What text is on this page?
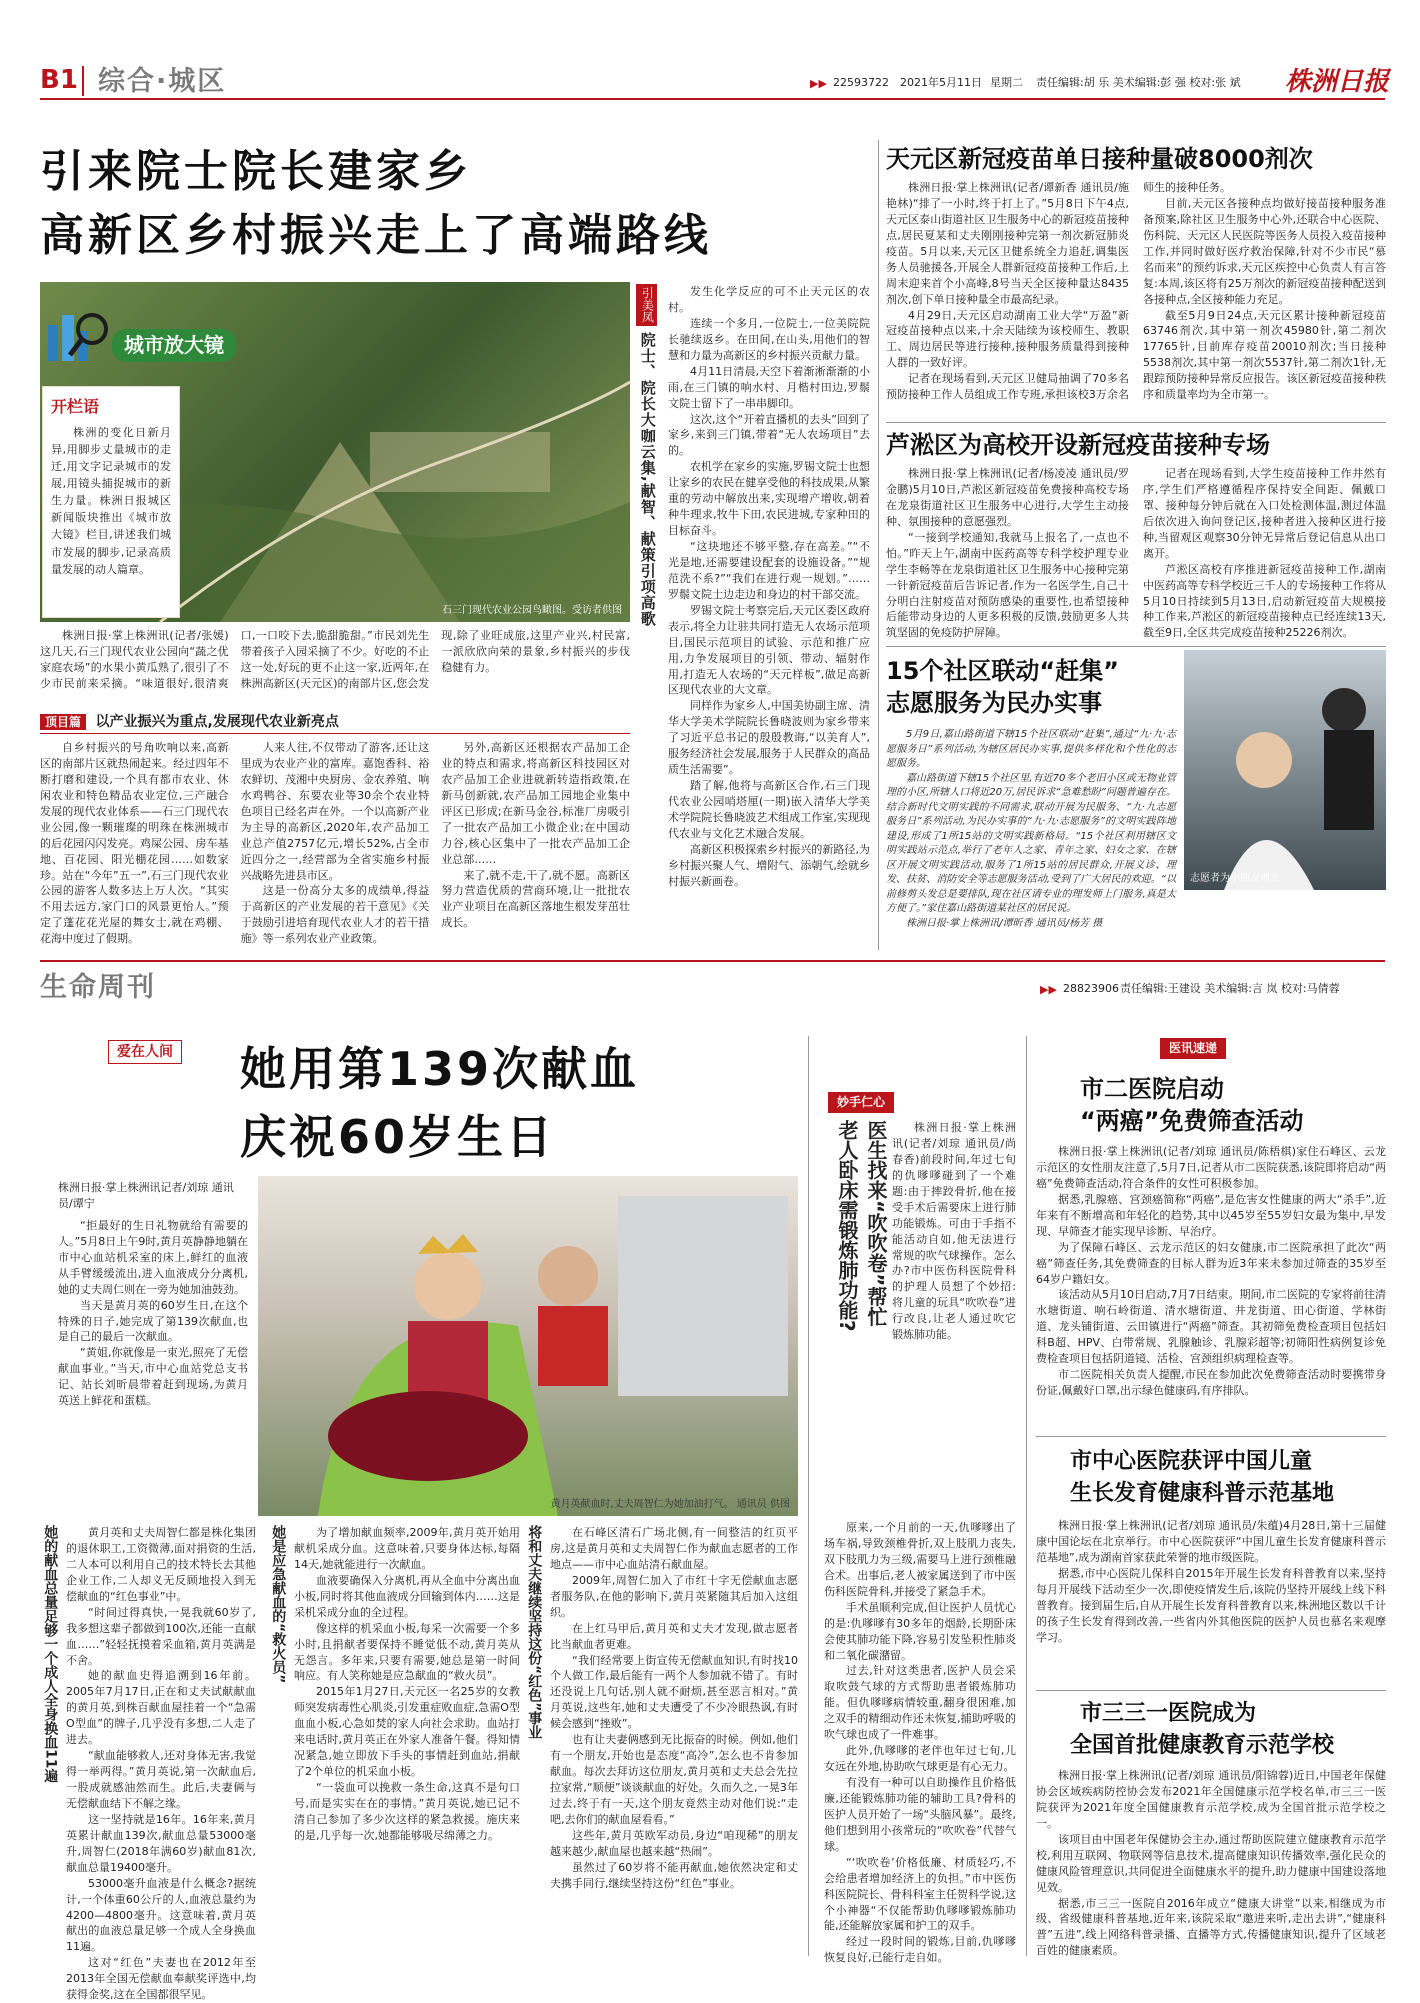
B1 综合·城区	▶▶ 22593722 2021年5月11日 星期二 责任编辑:胡 乐 美术编辑:彭 强 校对:张 斌 株洲日报
引来院士院长建家乡
高新区乡村振兴走上了高端路线
石三门现代农业公园鸟瞰图。受访者供图
城市放大镜
开栏语

株洲的变化日新月异,用脚步丈量城市的走迁,用文字记录城市的发展,用镜头捕捉城市的新生力量。株洲日报城区新闻版块推出《城市放大镜》栏目,讲述我们城市发展的脚步,记录高质量发展的动人篇章。

引美凤
院士、院长大咖云集,献智、献策引项高歌

发生化学反应的可不止天元区的农村。

连续一个多月,一位院士,一位美院院长驰续返乡。在田间,在山头,用他们的智慧和力量为高新区的乡村振兴贡献力量。

4月11日清晨,天空下着渐淅渐渐的小雨,在三门镇的响水村、月楷村田边,罗鬃文院士留下了一串串脚印。

这次,这个“开着直播机的去头”回到了家乡,来到三门镇,带着“无人农场项目”去的。

农机学在家乡的实施,罗锡文院士也想让家乡的农民在健享受他的科技成果,从繁重的劳动中解放出来,实现增产增收,朝着种牛理求,牧牛下田,农民进城,专家种田的目标奋斗。

“这块地还不够平整,存在高差。”“不光是地,还需要建设配套的设施设备。”“规范洗不系?”“我们在进行观一规划。”……罗鬃文院士边走边和身边的村干部交流。

罗锡文院士考察完后,天元区委区政府表示,将全力让驻共同打造无人农场示范项目,国民示范项目的试验、示范和推广应用,力争发展项目的引领、带动、辐射作用,打造无人农场的“天元样板”,做足高新区现代农业的大文章。

同样作为家乡人,中国美协副主席、清华大学美术学院院长鲁晓波则为家乡带来了习近平总书记的殷殷教诲,“以美育人”,服务经济社会发展,服务于人民群众的高品质生活需要”。

踏了解,他将与高新区合作,石三门现代农业公园哨塔厘(一期)嵌入清华大学美术学院院长鲁晓波艺术组成工作室,实现现代农业与文化艺术融合发展。

高新区积极探索乡村振兴的新路径,为乡村振兴聚人气、增附气、添朝气,绘就乡村振兴新画卷。

株洲日报·掌上株洲讯(记者/张媛)这几天,石三门现代农业公园向“蔬之优家庭农场”的水果小黄瓜熟了,很引了不少市民前来采摘。“味道很好,很清爽口,一口咬下去,脆甜脆甜。”市民刘先生带着孩子入园采摘了不少。好吃的不止这一处,好玩的更不止这一家,近两年,在株洲高新区(天元区)的南部片区,您会发现,除了业旺成旅,这里产业兴,村民富,一派欣欣向荣的景象,乡村振兴的步伐稳健有力。

顶目篇 以产业振兴为重点,发展现代农业新亮点

自乡村振兴的号角吹响以来,高新区的南部片区就热闹起来。经过四年不断打磨和建设,一个具有都市农业、休闲农业和特色精品农业定位,三产融合发展的现代农业体系——石三门现代农业公园,像一颗璀璨的明珠在株洲城市的后花园闪闪发亮。鸡屎公园、房车基地、百花园、阳光棚花园……如数家珍。站在“今年”五一”,石三门现代农业公园的游客人数多达上万人次。“其实不用去远方,家门口的风景更怡人。”预定了蓬花花光屋的舞女士,就在鸡棚、花海中度过了假期。

人来人往,不仅带动了游客,还让这里成为农业产业的富库。嘉饱香科、裕农鲜切、茂湘中央厨房、金农养殖、响水鸡鸭谷、东要农业等30余个农业特色项目已经名声在外。一个以高新产业为主导的高新区,2020年,农产品加工业总产值2757亿元,增长52%,占全市近四分之一,经营部为全省实施乡村振兴战略先进县市区。

这是一份高分太多的成绩单,得益于高新区的产业发展的若干意见》《关于鼓励引进培育现代农业人才的若干措施》等一系列农业产业政策。

另外,高新区还根据农产品加工企业的特点和需求,将高新区科技园区对农产品加工企业进就新转造指政策,在新马创新就,农产品加工园地企业集中评区已形成;在新马金谷,标准厂房吸引了一批农产品加工小微企业;在中国动力谷,核心区集中了一批农产品加工企业总部……

来了,就不走,干了,就不愿。高新区努力营造优质的营商环境,让一批批农业产业项目在高新区落地生根发芽茁壮成长。

天元区新冠疫苗单日接种量破8000剂次

株洲日报·掌上株洲讯(记者/谭新香 通讯员/施艳林)“排了一小时,终于打上了。”5月8日下午4点,天元区泰山街道社区卫生服务中心的新冠疫苗接种点,居民夏某和丈夫刚刚接种完第一剂次新冠肺炎疫苗。5月以来,天元区卫健系统全力追赶,调集医务人员驰援各,开展全人群新冠疫苗接种工作后,上周末迎来首个小高峰,8号当天全区接种量达8435剂次,创下单日接种量全市最高纪录。

4月29日,天元区启动湖南工业大学“万盈”新冠疫苗接种点以来,十余天陆续为该校师生、教职工、周边居民等进行接种,接种服务质量得到接种人群的一致好评。

记者在现场看到,天元区卫健局抽调了70多名预防接种工作人员组成工作专班,承担该校3万余名师生的接种任务。

目前,天元区各接种点均做好接苗接种服务准备预案,除社区卫生服务中心外,还联合中心医院、伤科院、天元区人民医院等医务人员投入疫苗接种工作,并同时做好医疗救治保障,针对不少市民“慕名而来”的预约诉求,天元区疾控中心负责人有言答复:本周,该区将有25万剂次的新冠疫苗接种配送到各接种点,全区接种能力充足。

截至5月9日24点,天元区累计接种新冠疫苗63746剂次,其中第一剂次45980针,第二剂次17765针,目前库存疫苗20010剂次;当日接种5538剂次,其中第一剂次5537针,第二剂次1针,无跟踪预防接种异常反应报告。该区新冠疫苗接种秩序和质量率均为全市第一。

芦淞区为高校开设新冠疫苗接种专场

株洲日报·掌上株洲讯(记者/杨凌凌 通讯员/罗金鹏)5月10日,芦淞区新冠疫苗免费接种高校专场在龙泉街道社区卫生服务中心进行,大学生主动接种、氛围接种的意愿强烈。

“一接到学校通知,我就马上报名了,一点也不怕。”昨天上午,湖南中医药高等专科学校护理专业学生李畅等在龙泉街道社区卫生服务中心接种完第一针新冠疫苗后告诉记者,作为一名医学生,自己十分明白注射疫苗对预防感染的重要性,也希望接种后能带动身边的人更多积极的反馈,鼓励更多人共筑坚固的免疫防护屏障。

记者在现场看到,大学生疫苗接种工作井然有序,学生们严格遵循程序保持安全间距、佩戴口罩、接种每分钟后就在入口处检测体温,测过体温后依次进入询问登记区,接种者进入接种区进行接种,当留观区观察30分钟无异常后登记信息从出口离开。

芦淞区高校有序推进新冠疫苗接种工作,湖南中医药高等专科学校近三千人的专场接种工作将从5月10日持续到5月13日,启动新冠疫苗大规模接种工作来,芦淞区的新冠疫苗接种点已经连续13天,截至9日,全区共完成疫苗接种25226剂次。

15个社区联动“赶集”
志愿服务为民办实事

5月9日,嘉山路街道下辖15个社区联动“赶集”,通过“九·九·志愿服务日”系列活动,为辖区居民办实事,提供多样化和个性化的志愿服务。

嘉山路街道下辖15个社区里,有近70多个老旧小区或无物业管理的小区,所辖人口将近20万,居民诉求“急难愁盼”问题普遍存在。结合新时代文明实践的不同需求,联动开展为民服务、“九·九志愿服务日”系列活动,为民办实事的“九·九·志愿服务”的文明实践阵地建设,形成了1所15站的文明实践新格局。“15个社区利用辖区文明实践站示范点,举行了老年人之家、青年之家、妇女之家、在辖区开展文明实践活动,服务了1所15站的居民群众,开展义诊、理发、扶贫、消防安全等志愿服务活动,受到了广大居民的欢迎。“以前修剪头发总是要排队,现在社区请专业的理发师上门服务,真是太方便了。”家住嘉山路街道某社区的居民说。

株洲日报·掌上株洲讯/谭昕香 通讯员/杨芳 摄

志愿者为小朋友理发
生命周刊	▶▶ 28823906 责任编辑:王建设 美术编辑:言 岚 校对:马倩蓉
爱在人间 她用第139次献血
庆祝60岁生日

株洲日报·掌上株洲讯记者/刘琼 通讯员/谭宁

“拒最好的生日礼物就给有需要的人。”5月8日上午9时,黄月英静静地躺在市中心血站机采室的床上,鲜红的血液从手臂缓缓流出,进入血液成分分离机,她的丈夫周仁则在一旁为她加油鼓劲。

当天是黄月英的60岁生日,在这个特殊的日子,她完成了第139次献血,也是自己的最后一次献血。

“黄姐,你就像是一束光,照亮了无偿献血事业。”当天,市中心血站党总支书记、站长刘昕晨带着赶到现场,为黄月英送上鲜花和蛋糕。

黄月英献血时,丈夫周智仁为她加油打气。 通讯员 供图
她的献血总量足够一个成人全身换血11遍	黄月英和丈夫周智仁都是株化集团的退休职工,工资微薄,面对捐资的生活,二人本可以利用自己的技术特长去其他企业工作,二人却义无反顾地投入到无偿献血的“红色事业”中。

“时间过得真快,一晃我就60岁了,我多想这辈子都做到100次,还能一直献血……”轻轻抚摸着采血箱,黄月英满是不舍。

她的献血史得追溯到16年前。2005年7月17日,正在和丈夫试献献血的黄月英,到株百献血屋挂着一个“急需O型血”的牌子,几乎没有多想,二人走了进去。

“献血能够救人,还对身体无害,我觉得一举两得。”黄月英说,第一次献血后,一股成就感油然而生。此后,夫妻俩与无偿献血结下不解之缘。

这一坚持就是16年。16年来,黄月英累计献血139次,献血总量53000毫升,周智仁(2018年满60岁)献血81次,献血总量19400毫升。

53000毫升血液是什么概念?据统计,一个体重60公斤的人,血液总量约为4200—4800毫升。这意味着,黄月英献出的血液总量足够一个成人全身换血11遍。

这对“红色”夫妻也在2012年至2013年全国无偿献血奉献奖评选中,均获得金奖,这在全国都很罕见。

她是应急献血的“救火员”	为了增加献血频率,2009年,黄月英开始用献机采成分血。这意味着,只要身体达标,每隔14天,她就能进行一次献血。

血液要确保入分离机,再从全血中分离出血小板,同时将其他血液成分回输到体内……这是采机采成分血的全过程。

像这样的机采血小板,每采一次需要一个多小时,且捐献者要保持不睡觉低不动,黄月英从无怨言。多年来,只要有需要,她总是第一时间响应。有人笑称她是应急献血的“救火员”。

2015年1月27日,天元区一名25岁的女教师突发病毒性心肌炎,引发重症败血症,急需O型血血小板,心急如焚的家人向社会求助。血站打来电话时,黄月英正在外家人准备午餐。得知情况紧急,她立即放下手头的事情赶到血站,捐献了2个单位的机采血小板。

“一袋血可以挽救一条生命,这真不是句口号,而是实实在在的事情。”黄月英说,她已记不清自己参加了多少次这样的紧急救援。施庆来的是,几乎每一次,她都能够吸尽绵薄之力。

将和丈夫继续坚持这份“红色”事业	在石峰区清石广场北侧,有一间整洁的红页平房,这是黄月英和丈夫周智仁作为献血志愿者的工作地点——市中心血站清石献血屋。

2009年,周智仁加入了市红十字无偿献血志愿者服务队,在他的影响下,黄月英紧随其后加入这组织。

在上红马甲后,黄月英和丈夫才发现,做志愿者比当献血者更难。

“我们经常要上街宣传无偿献血知识,有时找10个人做工作,最后能有一两个人参加就不错了。有时还没说上几句话,别人就不耐烦,甚至恶言相对。”黄月英说,这些年,她和丈夫遭受了不少冷眼热讽,有时候会感到“挫败”。

也有让夫妻俩感到无比振奋的时候。例如,他们有一个朋友,开始也是态度“高冷”,怎么也不肯参加献血。每次去拜访这位朋友,黄月英和丈夫总会先拉拉家常,“顺便”谈谈献血的好处。久而久之,一晃3年过去,终于有一天,这个朋友竟然主动对他们说:“走吧,去你们的献血屋看看。”

这些年,黄月英欧军动员,身边“咱现稀”的朋友越来越少,献血屋也越来越“热闹”。

虽然过了60岁将不能再献血,她依然决定和丈夫携手同行,继续坚持这份“红色”事业。

妙手仁心
医生找来“吹吹卷”帮忙
老人卧床需锻炼肺功能?	株洲日报·掌上株洲讯(记者/刘琼 通讯员/尚春香)前段时间,年过七旬的仇嗲嗲碰到了一个难题:由于摔跤骨折,他在接受手术后需要床上进行肺功能锻炼。可由于手指不能活动自如,他无法进行常规的吹气球操作。怎么办?市中医伤科医院骨科的护理人员想了个妙招:将儿童的玩具“吹吹卷”进行改良,让老人通过吹它锻炼肺功能。

原来,一个月前的一天,仇嗲嗲出了场车祸,导致颈椎骨折,双上肢肌力丧失,双下肢肌力为三级,需要马上进行颈椎融合术。出事后,老人被家属送到了市中医伤科医院骨科,并接受了紧急手术。

手术虽顺利完成,但让医护人员忧心的是:仇嗲嗲有30多年的烟龄,长期卧床会使其肺功能下降,容易引发坠积性肺炎和二氧化碳潴留。

过去,针对这类患者,医护人员会采取吹鼓气球的方式帮助患者锻炼肺功能。但仇嗲嗲病情较重,翻身很困难,加之双手的精细动作还未恢复,捕助呼吸的吹气球也成了一件难事。

此外,仇嗲嗲的老伴也年过七旬,儿女远在外地,协助吹气球更是有心无力。

有没有一种可以自助操作且价格低廉,还能锻炼肺功能的辅助工具?骨科的医护人员开始了一场“头脑风暴”。最终,他们想到用小孩常玩的“吹吹卷”代替气球。

“‘吹吹卷’价格低廉、材质轻巧,不会给患者增加经济上的负担。”市中医伤科医院院长、骨科科室主任贺科学说,这个小神器“不仅能帮助仇嗲嗲锻炼肺功能,还能解放家属和护工的双手。

经过一段时间的锻炼,目前,仇嗲嗲恢复良好,已能行走自如。

医讯速递
市二医院启动
“两癌”免费筛查活动

株洲日报·掌上株洲讯(记者/刘琼 通讯员/陈梧棋)家住石峰区、云龙示范区的女性朋友注意了,5月7日,记者从市二医院获悉,该院即将启动“两癌”免费筛查活动,符合条件的女性可积极参加。

据悉,乳腺癌、宫颈癌简称“两癌”,是危害女性健康的两大“杀手”,近年来有不断增高和年轻化的趋势,其中以45岁至55岁妇女最为集中,早发现、早筛查才能实现早诊断、早治疗。

为了保障石峰区、云龙示范区的妇女健康,市二医院承担了此次“两癌”筛查任务,其免费筛查的目标人群为近3年来未参加过筛查的35岁至64岁户籍妇女。

该活动从5月10日启动,7月7日结束。期间,市二医院的专家将前往清水塘街道、响石岭街道、清水塘街道、井龙街道、田心街道、学林街道、龙头铺街道、云田镇进行“两癌”筛查。其初筛免费检查项目包括妇科B超、HPV、白带常规、乳腺触诊、乳腺彩超等;初筛阳性病例复诊免费检查项目包括阴道镜、活检、宫颈组织病理检查等。

市二医院相关负责人提醒,市民在参加此次免费筛查活动时要携带身份证,佩戴好口罩,出示绿色健康码,有序排队。

市中心医院获评中国儿童
生长发育健康科普示范基地

株洲日报·掌上株洲讯(记者/刘琼 通讯员/朱蕴)4月28日,第十三届健康中国论坛在北京举行。市中心医院获评“中国儿童生长发育健康科普示范基地”,成为湖南首家获此荣誉的地市级医院。

据悉,市中心医院儿保科自2015年开展生长发育科普教育以来,坚持每月开展线下活动至少一次,即使疫情发生后,该院仍坚持开展线上线下科普教育。接到届生后,自从开展生长发育科普教育以来,株洲地区数以千计的孩子生长发育得到改善,一些省内外其他医院的医护人员也慕名来观摩学习。

市三三一医院成为
全国首批健康教育示范学校

株洲日报·掌上株洲讯(记者/刘琼 通讯员/阳锦蓉)近日,中国老年保健协会区域疾病防控协会发布2021年全国健康示范学校名单,市三三一医院获评为2021年度全国健康教育示范学校,成为全国首批示范学校之一。

该项目由中国老年保健协会主办,通过帮助医院建立健康教育示范学校,利用互联网、物联网等信息技术,提高健康知识传播效率,强化民众的健康风险管理意识,共同促进全面健康水平的提升,助力健康中国建设落地见效。

据悉,市三三一医院自2016年成立“健康大讲堂”以来,相继成为市级、省级健康科普基地,近年来,该院采取“邀进来听,走出去讲”,“健康科普”五进”,线上网络科普录播、直播等方式,传播健康知识,提升了区域老百姓的健康素质。
